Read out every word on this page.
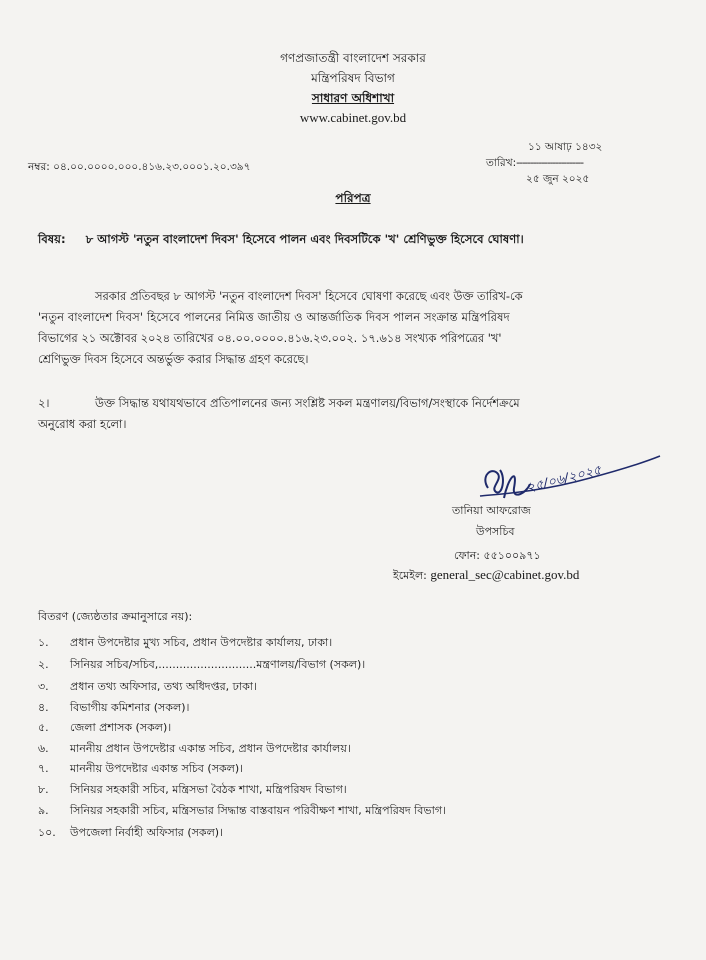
গণপ্রজাতন্ত্রী বাংলাদেশ সরকার
মন্ত্রিপরিষদ বিভাগ
সাধারণ অধিশাখা
www.cabinet.gov.bd
নম্বর: ০৪.০০.০০০০.০০০.৪১৬.২৩.০০০১.২০.৩৯৭
১১ আষাঢ় ১৪৩২
তারিখ:------------------------
২৫ জুন ২০২৫
পরিপত্র
বিষয়: ৮ আগস্ট 'নতুন বাংলাদেশ দিবস' হিসেবে পালন এবং দিবসটিকে 'খ' শ্রেণিভুক্ত হিসেবে ঘোষণা।
সরকার প্রতিবছর ৮ আগস্ট 'নতুন বাংলাদেশ দিবস' হিসেবে ঘোষণা করেছে এবং উক্ত তারিখ-কে
'নতুন বাংলাদেশ দিবস' হিসেবে পালনের নিমিত্ত জাতীয় ও আন্তর্জাতিক দিবস পালন সংক্রান্ত মন্ত্রিপরিষদ
বিভাগের ২১ অক্টোবর ২০২৪ তারিখের ০৪.০০.০০০০.৪১৬.২৩.০০২. ১৭.৬১৪ সংখ্যক পরিপত্রের 'খ'
শ্রেণিভুক্ত দিবস হিসেবে অন্তর্ভুক্ত করার সিদ্ধান্ত গ্রহণ করেছে।
২।	উক্ত সিদ্ধান্ত যথাযথভাবে প্রতিপালনের জন্য সংশ্লিষ্ট সকল মন্ত্রণালয়/বিভাগ/সংস্থাকে নির্দেশক্রমে
অনুরোধ করা হলো।
২৫/০৬/২০২৫
তানিয়া আফরোজ
উপসচিব
ফোন: ৫৫১০০৯৭১
ইমেইল: general_sec@cabinet.gov.bd
বিতরণ (জ্যেষ্ঠতার ক্রমানুসারে নয়):
১. প্রধান উপদেষ্টার মুখ্য সচিব, প্রধান উপদেষ্টার কার্যালয়, ঢাকা।
২. সিনিয়র সচিব/সচিব,............................মন্ত্রণালয়/বিভাগ (সকল)।
৩. প্রধান তথ্য অফিসার, তথ্য অধিদপ্তর, ঢাকা।
৪. বিভাগীয় কমিশনার (সকল)।
৫. জেলা প্রশাসক (সকল)।
৬. মাননীয় প্রধান উপদেষ্টার একান্ত সচিব, প্রধান উপদেষ্টার কার্যালয়।
৭. মাননীয় উপদেষ্টার একান্ত সচিব (সকল)।
৮. সিনিয়র সহকারী সচিব, মন্ত্রিসভা বৈঠক শাখা, মন্ত্রিপরিষদ বিভাগ।
৯. সিনিয়র সহকারী সচিব, মন্ত্রিসভার সিদ্ধান্ত বাস্তবায়ন পরিবীক্ষণ শাখা, মন্ত্রিপরিষদ বিভাগ।
১০. উপজেলা নির্বাহী অফিসার (সকল)।
